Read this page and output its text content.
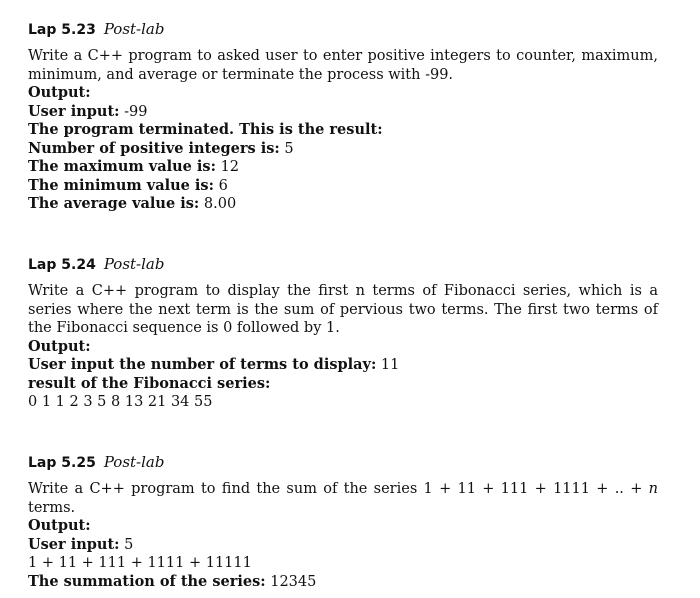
Lap 5.23 Post-lab
Write a C++ program to asked user to enter positive integers to counter, maximum, minimum, and average or terminate the process with -99.
Output:
User input: -99
The program terminated. This is the result:
Number of positive integers is: 5
The maximum value is: 12
The minimum value is: 6
The average value is: 8.00
Lap 5.24 Post-lab
Write a C++ program to display the first n terms of Fibonacci series, which is a series where the next term is the sum of pervious two terms. The first two terms of the Fibonacci sequence is 0 followed by 1.
Output:
User input the number of terms to display: 11
result of the Fibonacci series:
0 1 1 2 3 5 8 13 21 34 55
Lap 5.25 Post-lab
Write a C++ program to find the sum of the series 1 + 11 + 111 + 1111 + .. + n terms.
Output:
User input: 5
1 + 11 + 111 + 1111 + 11111
The summation of the series: 12345
